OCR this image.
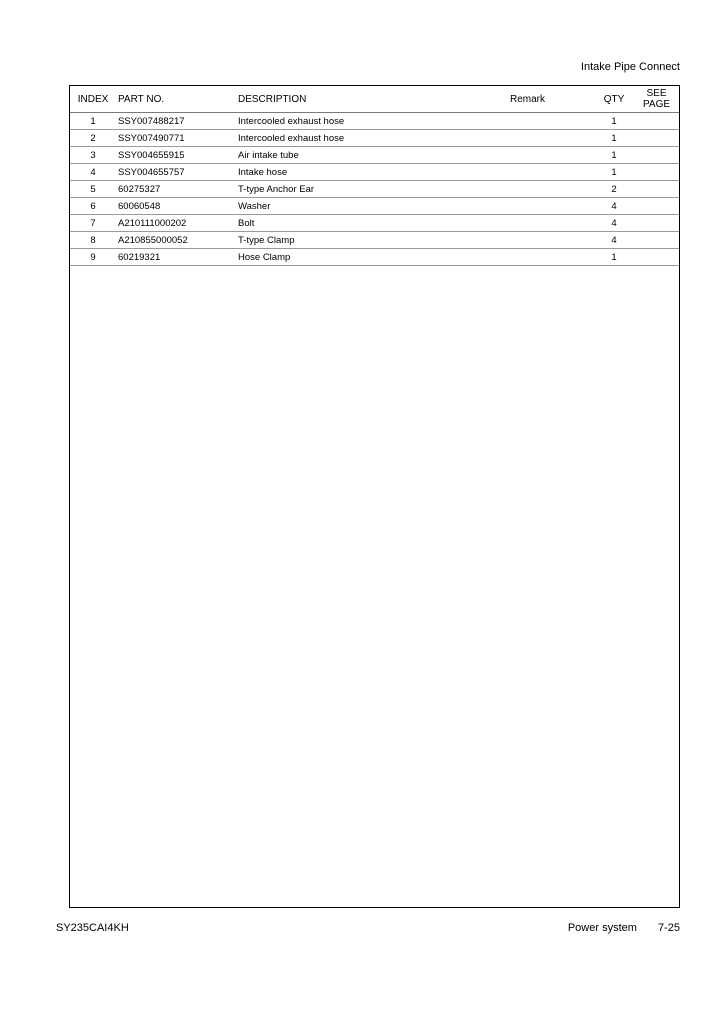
Intake Pipe Connect
INDEX	PART NO.	DESCRIPTION	Remark	QTY	SEE
PAGE
1	SSY007488217	Intercooled exhaust hose		1	
2	SSY007490771	Intercooled exhaust hose		1	
3	SSY004655915	Air intake tube		1	
4	SSY004655757	Intake hose		1	
5	60275327	T-type Anchor Ear		2	
6	60060548	Washer		4	
7	A210111000202	Bolt		4	
8	A210855000052	T-type Clamp		4	
9	60219321	Hose Clamp		1	
SY235CAI4KH	Power system 7-25
